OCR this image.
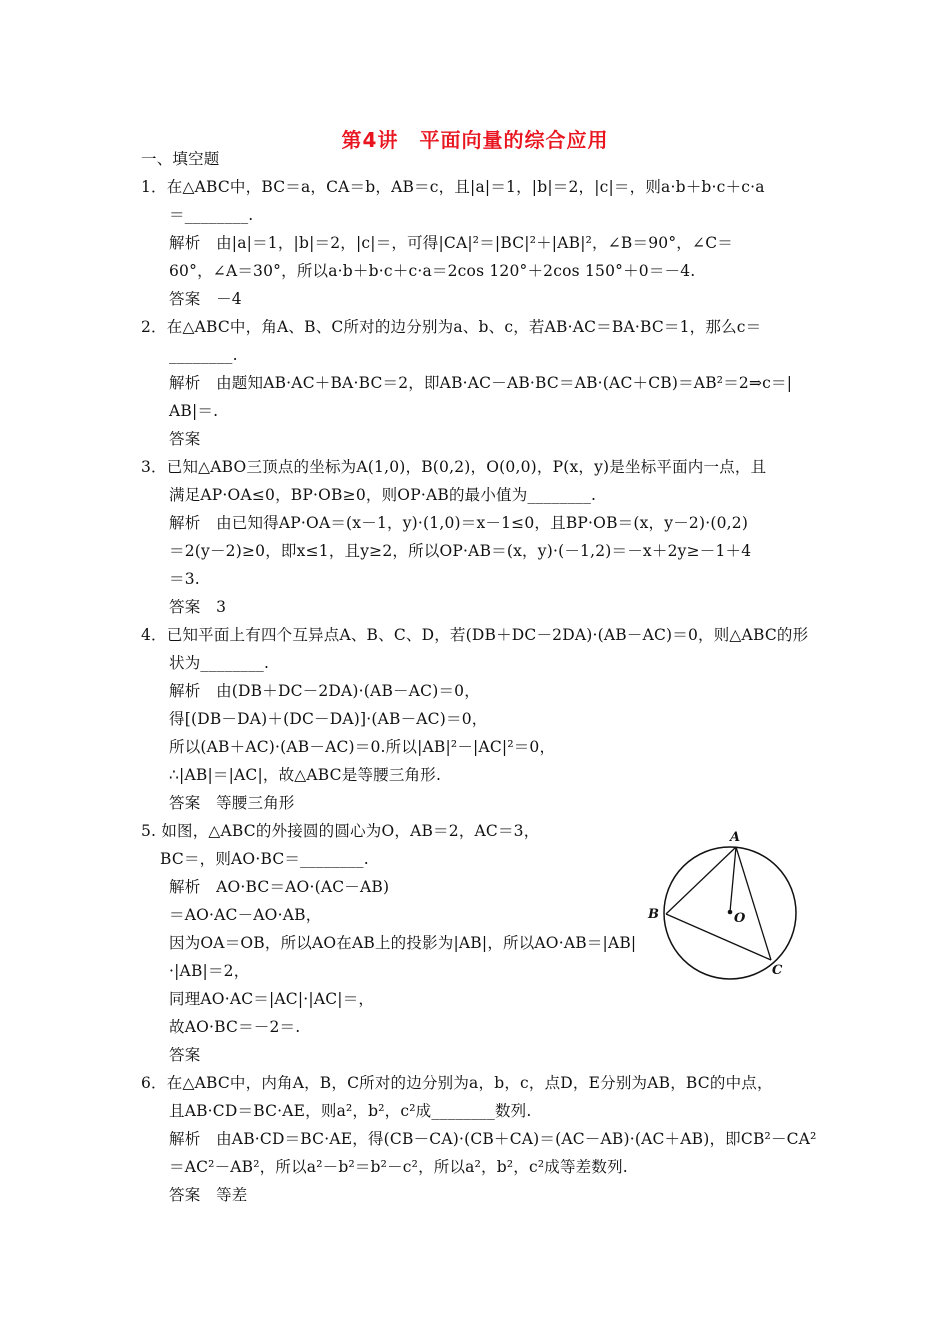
第4讲　平面向量的综合应用
一、填空题
1．在△ABC中，BC＝a，CA＝b，AB＝c，且|a|＝1，|b|＝2，|c|＝，则a·b＋b·c＋c·a
＝________.
解析　由|a|＝1，|b|＝2，|c|＝，可得|CA|²＝|BC|²＋|AB|²，∠B＝90°，∠C＝
60°，∠A＝30°，所以a·b＋b·c＋c·a＝2cos 120°＋2cos 150°＋0＝－4.
答案　－4
2．在△ABC中，角A、B、C所对的边分别为a、b、c，若AB·AC＝BA·BC＝1，那么c＝
________.
解析　由题知AB·AC＋BA·BC＝2，即AB·AC－AB·BC＝AB·(AC＋CB)＝AB²＝2⇒c＝|
AB|＝.
答案
3．已知△ABO三顶点的坐标为A(1,0)，B(0,2)，O(0,0)，P(x，y)是坐标平面内一点，且
满足AP·OA≤0，BP·OB≥0，则OP·AB的最小值为________.
解析　由已知得AP·OA＝(x－1，y)·(1,0)＝x－1≤0，且BP·OB＝(x，y－2)·(0,2)
＝2(y－2)≥0，即x≤1，且y≥2，所以OP·AB＝(x，y)·(－1,2)＝－x＋2y≥－1＋4
＝3.
答案　3
4．已知平面上有四个互异点A、B、C、D，若(DB＋DC－2DA)·(AB－AC)＝0，则△ABC的形
状为________.
解析　由(DB＋DC－2DA)·(AB－AC)＝0，
得[(DB－DA)＋(DC－DA)]·(AB－AC)＝0，
所以(AB＋AC)·(AB－AC)＝0.所以|AB|²－|AC|²＝0，
∴|AB|＝|AC|，故△ABC是等腰三角形.
答案　等腰三角形
5. 如图，△ABC的外接圆的圆心为O，AB＝2，AC＝3，
BC＝，则AO·BC＝________.
解析　AO·BC＝AO·(AC－AB)
＝AO·AC－AO·AB，
因为OA＝OB，所以AO在AB上的投影为|AB|，所以AO·AB＝|AB|
·|AB|＝2，
同理AO·AC＝|AC|·|AC|＝，
故AO·BC＝－2＝.
答案
A
B
C
O
6．在△ABC中，内角A，B，C所对的边分别为a，b，c，点D，E分别为AB，BC的中点，
且AB·CD＝BC·AE，则a²，b²，c²成________数列.
解析　由AB·CD＝BC·AE，得(CB－CA)·(CB＋CA)＝(AC－AB)·(AC＋AB)，即CB²－CA²
＝AC²－AB²，所以a²－b²＝b²－c²，所以a²，b²，c²成等差数列.
答案　等差
